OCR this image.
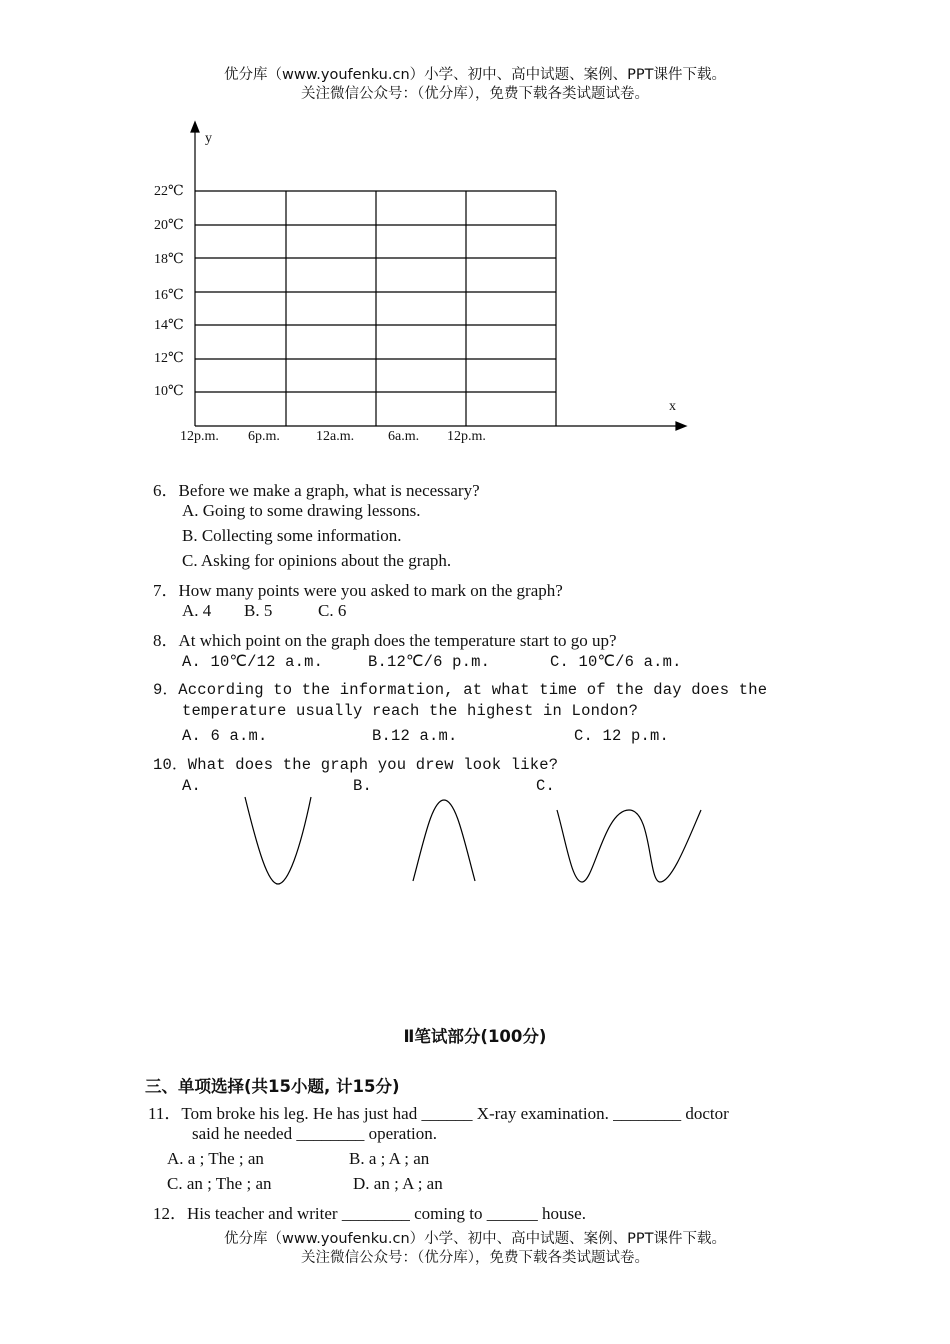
优分库（www.youfenku.cn）小学、初中、高中试题、案例、PPT课件下载。
关注微信公众号：（优分库），免费下载各类试题试卷。
y
x
22℃
20℃
18℃
16℃
14℃
12℃
10℃
12p.m. 6p.m.	12a.m. 6a.m. 12p.m.
6．Before we make a graph, what is necessary?
A. Going to some drawing lessons.
B. Collecting some information.
C. Asking for opinions about the graph.
7．How many points were you asked to mark on the graph?
A. 4 B. 5	C. 6
8．At which point on the graph does the temperature start to go up?
A. 10℃/12 a.m.	B.12℃/6 p.m.	C. 10℃/6 a.m.
9．According to the information, at what time of the day does the
temperature usually reach the highest in London?
A. 6 a.m.	B.12 a.m.	C. 12 p.m.
10．What does the graph you drew look like?
A.	B.	C.
Ⅱ笔试部分(100分)
三、单项选择(共15小题, 计15分)
11．Tom broke his leg. He has just had ______ X-ray examination. ________ doctor
said he needed ________ operation.
A. a ; The ; an	B. a ; A ; an
C. an ; The ; an	D. an ; A ; an
12．His teacher and writer ________ coming to ______ house.
优分库（www.youfenku.cn）小学、初中、高中试题、案例、PPT课件下载。
关注微信公众号：（优分库），免费下载各类试题试卷。
